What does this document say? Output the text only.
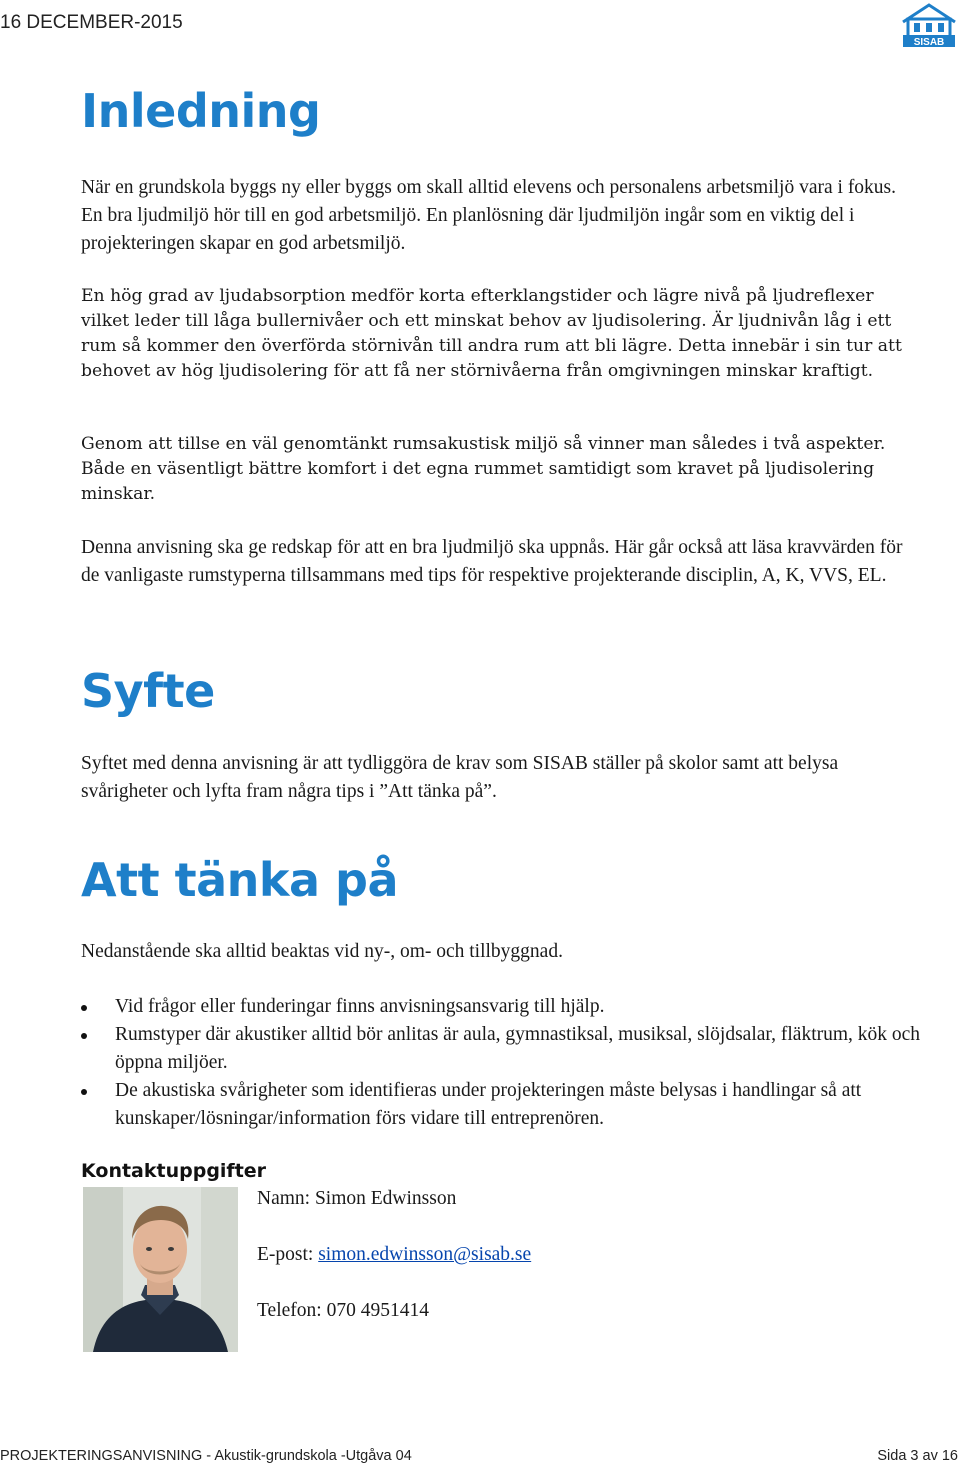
16 DECEMBER-2015
SISAB
Inledning

När en grundskola byggs ny eller byggs om skall alltid elevens och personalens arbetsmiljö vara i fokus. En bra ljudmiljö hör till en god arbetsmiljö. En planlösning där ljudmiljön ingår som en viktig del i projekteringen skapar en god arbetsmiljö.

En hög grad av ljudabsorption medför korta efterklangstider och lägre nivå på ljudreflexer vilket leder till låga bullernivåer och ett minskat behov av ljudisolering. Är ljudnivån låg i ett rum så kommer den överförda störnivån till andra rum att bli lägre. Detta innebär i sin tur att behovet av hög ljudisolering för att få ner störnivåerna från omgivningen minskar kraftigt.

Genom att tillse en väl genomtänkt rumsakustisk miljö så vinner man således i två aspekter. Både en väsentligt bättre komfort i det egna rummet samtidigt som kravet på ljudisolering minskar.

Denna anvisning ska ge redskap för att en bra ljudmiljö ska uppnås. Här går också att läsa kravvärden för de vanligaste rumstyperna tillsammans med tips för respektive projekterande disciplin, A, K, VVS, EL.

Syfte

Syftet med denna anvisning är att tydliggöra de krav som SISAB ställer på skolor samt att belysa svårigheter och lyfta fram några tips i ”Att tänka på”.

Att tänka på

Nedanstående ska alltid beaktas vid ny-, om- och tillbyggnad.

Vid frågor eller funderingar finns anvisningsansvarig till hjälp.
Rumstyper där akustiker alltid bör anlitas är aula, gymnastiksal, musiksal, slöjdsalar, fläktrum, kök och öppna miljöer.
De akustiska svårigheter som identifieras under projekteringen måste belysas i handlingar så att kunskaper/lösningar/information förs vidare till entreprenören.
Kontaktuppgifter

Namn: Simon Edwinsson

E-post: simon.edwinsson@sisab.se

Telefon: 070 4951414

PROJEKTERINGSANVISNING - Akustik-grundskola -Utgåva 04	Sida 3 av 16
